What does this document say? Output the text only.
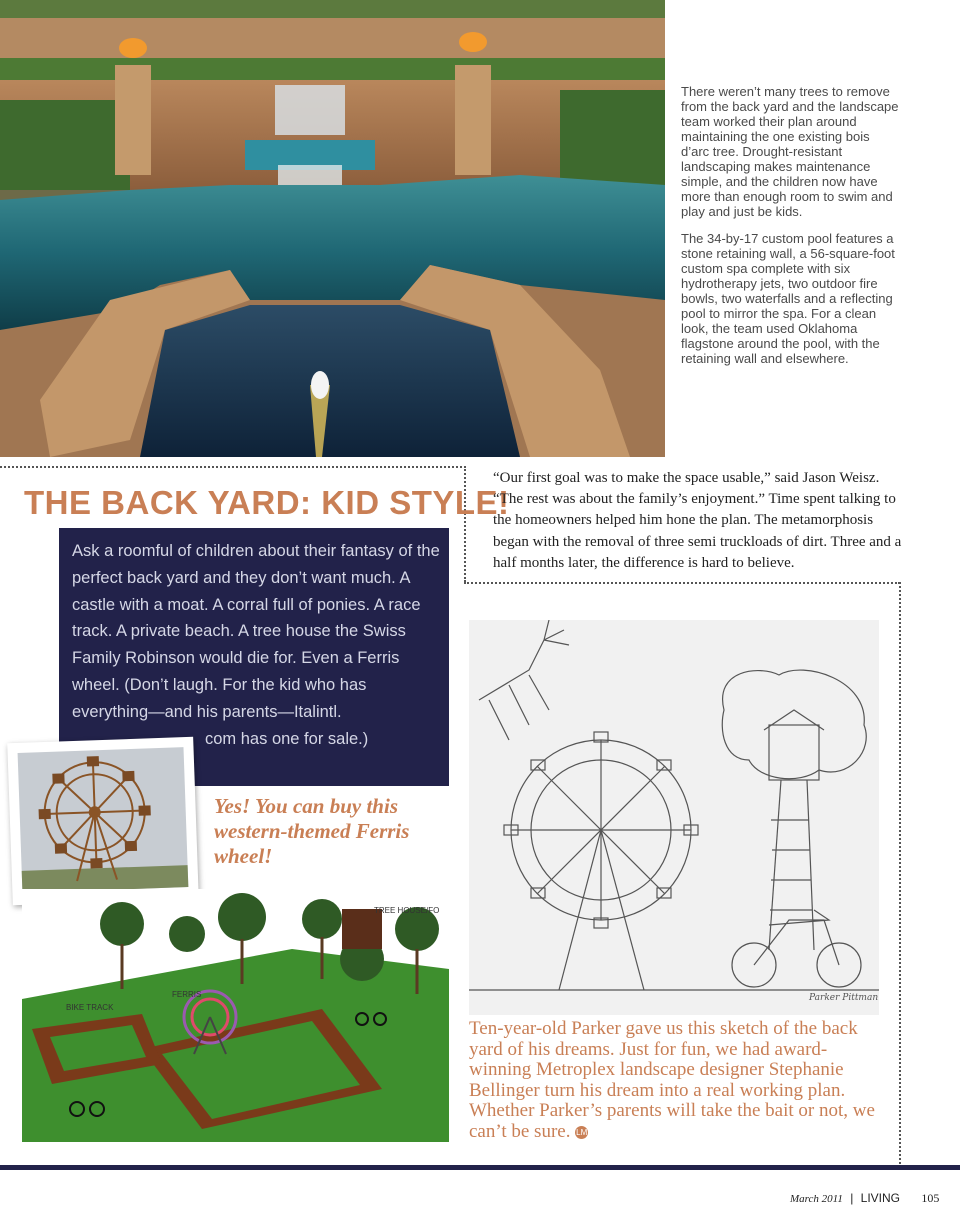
There weren’t many trees to remove from the back yard and the landscape team worked their plan around maintaining the one existing bois d’arc tree. Drought-resistant landscaping makes maintenance simple, and the children now have more than enough room to swim and play and just be kids.

The 34-by-17 custom pool features a stone retaining wall, a 56-square-foot custom spa complete with six hydrotherapy jets, two outdoor fire bowls, two waterfalls and a reflecting pool to mirror the spa. For a clean look, the team used Oklahoma flagstone around the pool, with the retaining wall and elsewhere.

THE BACK YARD: KID STYLE!
Ask a roomful of children about their fantasy of the perfect back yard and they don’t want much. A castle with a moat. A corral full of ponies. A race track. A private beach. A tree house the Swiss Family Robinson would die for. Even a Ferris wheel. (Don’t laugh. For the kid who has everything—and his parents—Italintl.
com has one for sale.)
“Our first goal was to make the space usable,” said Jason Weisz. “The rest was about the family’s enjoyment.” Time spent talking to the homeowners helped him hone the plan. The metamorphosis began with the removal of three semi truckloads of dirt. Three and a half months later, the difference is hard to believe.
Yes! You can buy this western-themed Ferris wheel!
TREE HOUSE/FO
FERRIS
BIKE TRACK
Parker Pittman
Ten-year-old Parker gave us this sketch of the back yard of his dreams. Just for fun, we had award-winning Metroplex landscape designer Stephanie Bellinger turn his dream into a real working plan. Whether Parker’s parents will take the bait or not, we can’t be sure. LM
March 2011 | LIVING 105
